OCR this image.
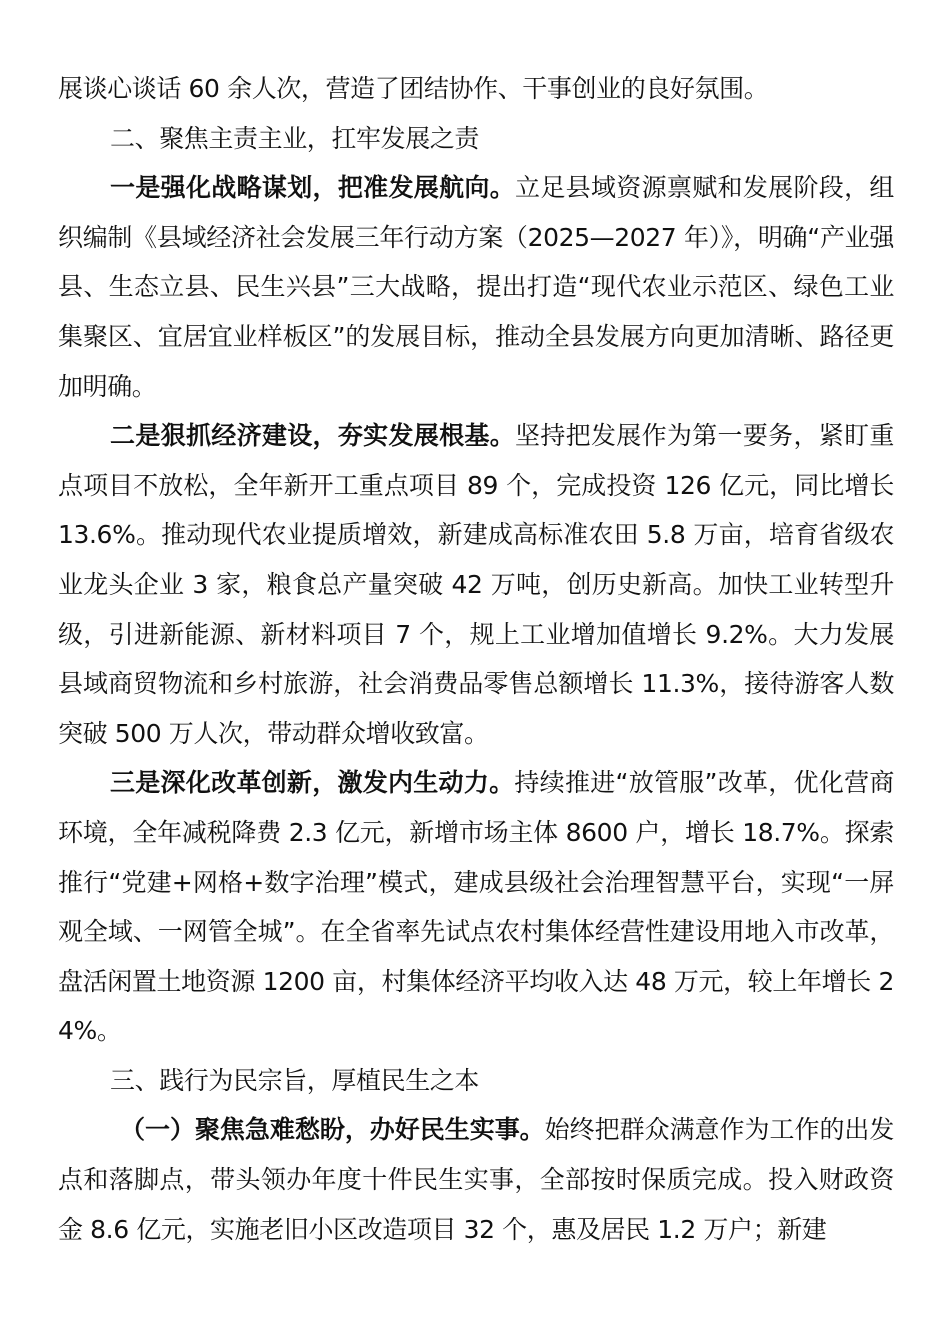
展谈心谈话 60 余人次，营造了团结协作、干事创业的良好氛围。

二、聚焦主责主业，扛牢发展之责

一是强化战略谋划，把准发展航向。立足县域资源禀赋和发展阶段，组织编制《县域经济社会发展三年行动方案（2025—2027 年）》，明确“产业强县、生态立县、民生兴县”三大战略，提出打造“现代农业示范区、绿色工业集聚区、宜居宜业样板区”的发展目标，推动全县发展方向更加清晰、路径更加明确。

二是狠抓经济建设，夯实发展根基。坚持把发展作为第一要务，紧盯重点项目不放松，全年新开工重点项目 89 个，完成投资 126 亿元，同比增长 13.6%。推动现代农业提质增效，新建成高标准农田 5.8 万亩，培育省级农业龙头企业 3 家，粮食总产量突破 42 万吨，创历史新高。加快工业转型升级，引进新能源、新材料项目 7 个，规上工业增加值增长 9.2%。大力发展县域商贸物流和乡村旅游，社会消费品零售总额增长 11.3%，接待游客人数突破 500 万人次，带动群众增收致富。

三是深化改革创新，激发内生动力。持续推进“放管服”改革，优化营商环境，全年减税降费 2.3 亿元，新增市场主体 8600 户，增长 18.7%。探索推行“党建+网格+数字治理”模式，建成县级社会治理智慧平台，实现“一屏观全域、一网管全城”。在全省率先试点农村集体经营性建设用地入市改革，盘活闲置土地资源 1200 亩，村集体经济平均收入达 48 万元，较上年增长 24%。

三、践行为民宗旨，厚植民生之本

（一）聚焦急难愁盼，办好民生实事。始终把群众满意作为工作的出发点和落脚点，带头领办年度十件民生实事，全部按时保质完成。投入财政资金 8.6 亿元，实施老旧小区改造项目 32 个，惠及居民 1.2 万户；新建
